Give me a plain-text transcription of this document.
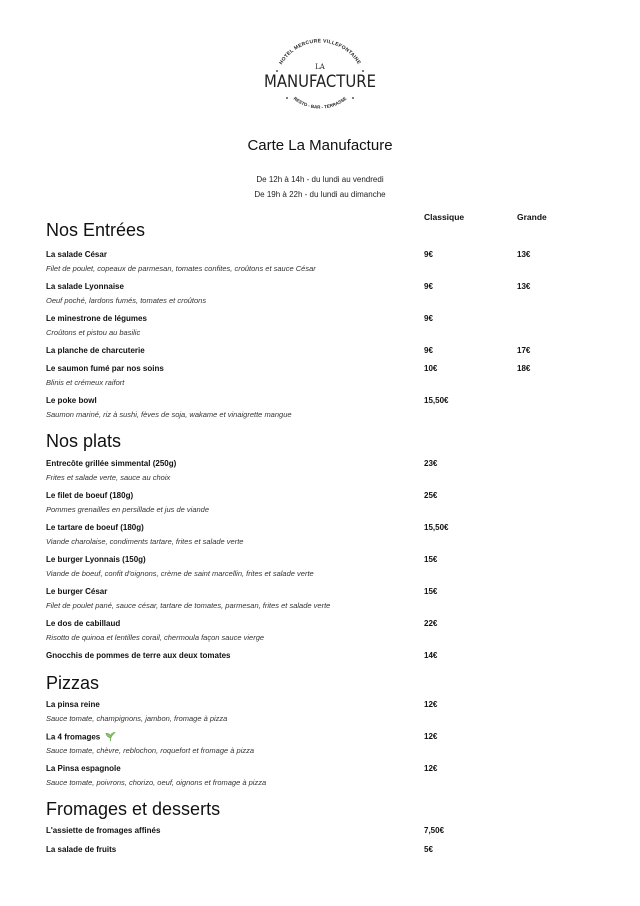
HOTEL MERCURE VILLEFONTAINE
LA
MANUFACTURE
RESTO - BAR - TERRASSE
Carte La Manufacture
De 12h à 14h - du lundi au vendredi
De 19h à 22h - du lundi au dimanche
Classique	Grande
Nos Entrées
La salade César
Filet de poulet, copeaux de parmesan, tomates confites, croûtons et sauce César
9€	13€
La salade Lyonnaise
Oeuf poché, lardons fumés, tomates et croûtons
9€	13€
Le minestrone de légumes
Croûtons et pistou au basilic
9€
La planche de charcuterie	9€	17€
Le saumon fumé par nos soins
Blinis et crémeux raifort
10€	18€
Le poke bowl
Saumon mariné, riz à sushi, fèves de soja, wakame et vinaigrette mangue
15,50€
Nos plats
Entrecôte grillée simmental (250g)
Frites et salade verte, sauce au choix
23€
Le filet de boeuf (180g)
Pommes grenailles en persillade et jus de viande
25€
Le tartare de boeuf (180g)
Viande charolaise, condiments tartare, frites et salade verte
15,50€
Le burger Lyonnais (150g)
Viande de boeuf, confit d'oignons, crème de saint marcellin, frites et salade verte
15€
Le burger César
Filet de poulet pané, sauce césar, tartare de tomates, parmesan, frites et salade verte
15€
Le dos de cabillaud
Risotto de quinoa et lentilles corail, chermoula façon sauce vierge
22€
Gnocchis de pommes de terre aux deux tomates	14€
Pizzas
La pinsa reine
Sauce tomate, champignons, jambon, fromage à pizza
12€
La 4 fromages
Sauce tomate, chèvre, reblochon, roquefort et fromage à pizza
12€
La Pinsa espagnole
Sauce tomate, poivrons, chorizo, oeuf, oignons et fromage à pizza
12€
Fromages et desserts
L'assiette de fromages affinés	7,50€
La salade de fruits	5€
